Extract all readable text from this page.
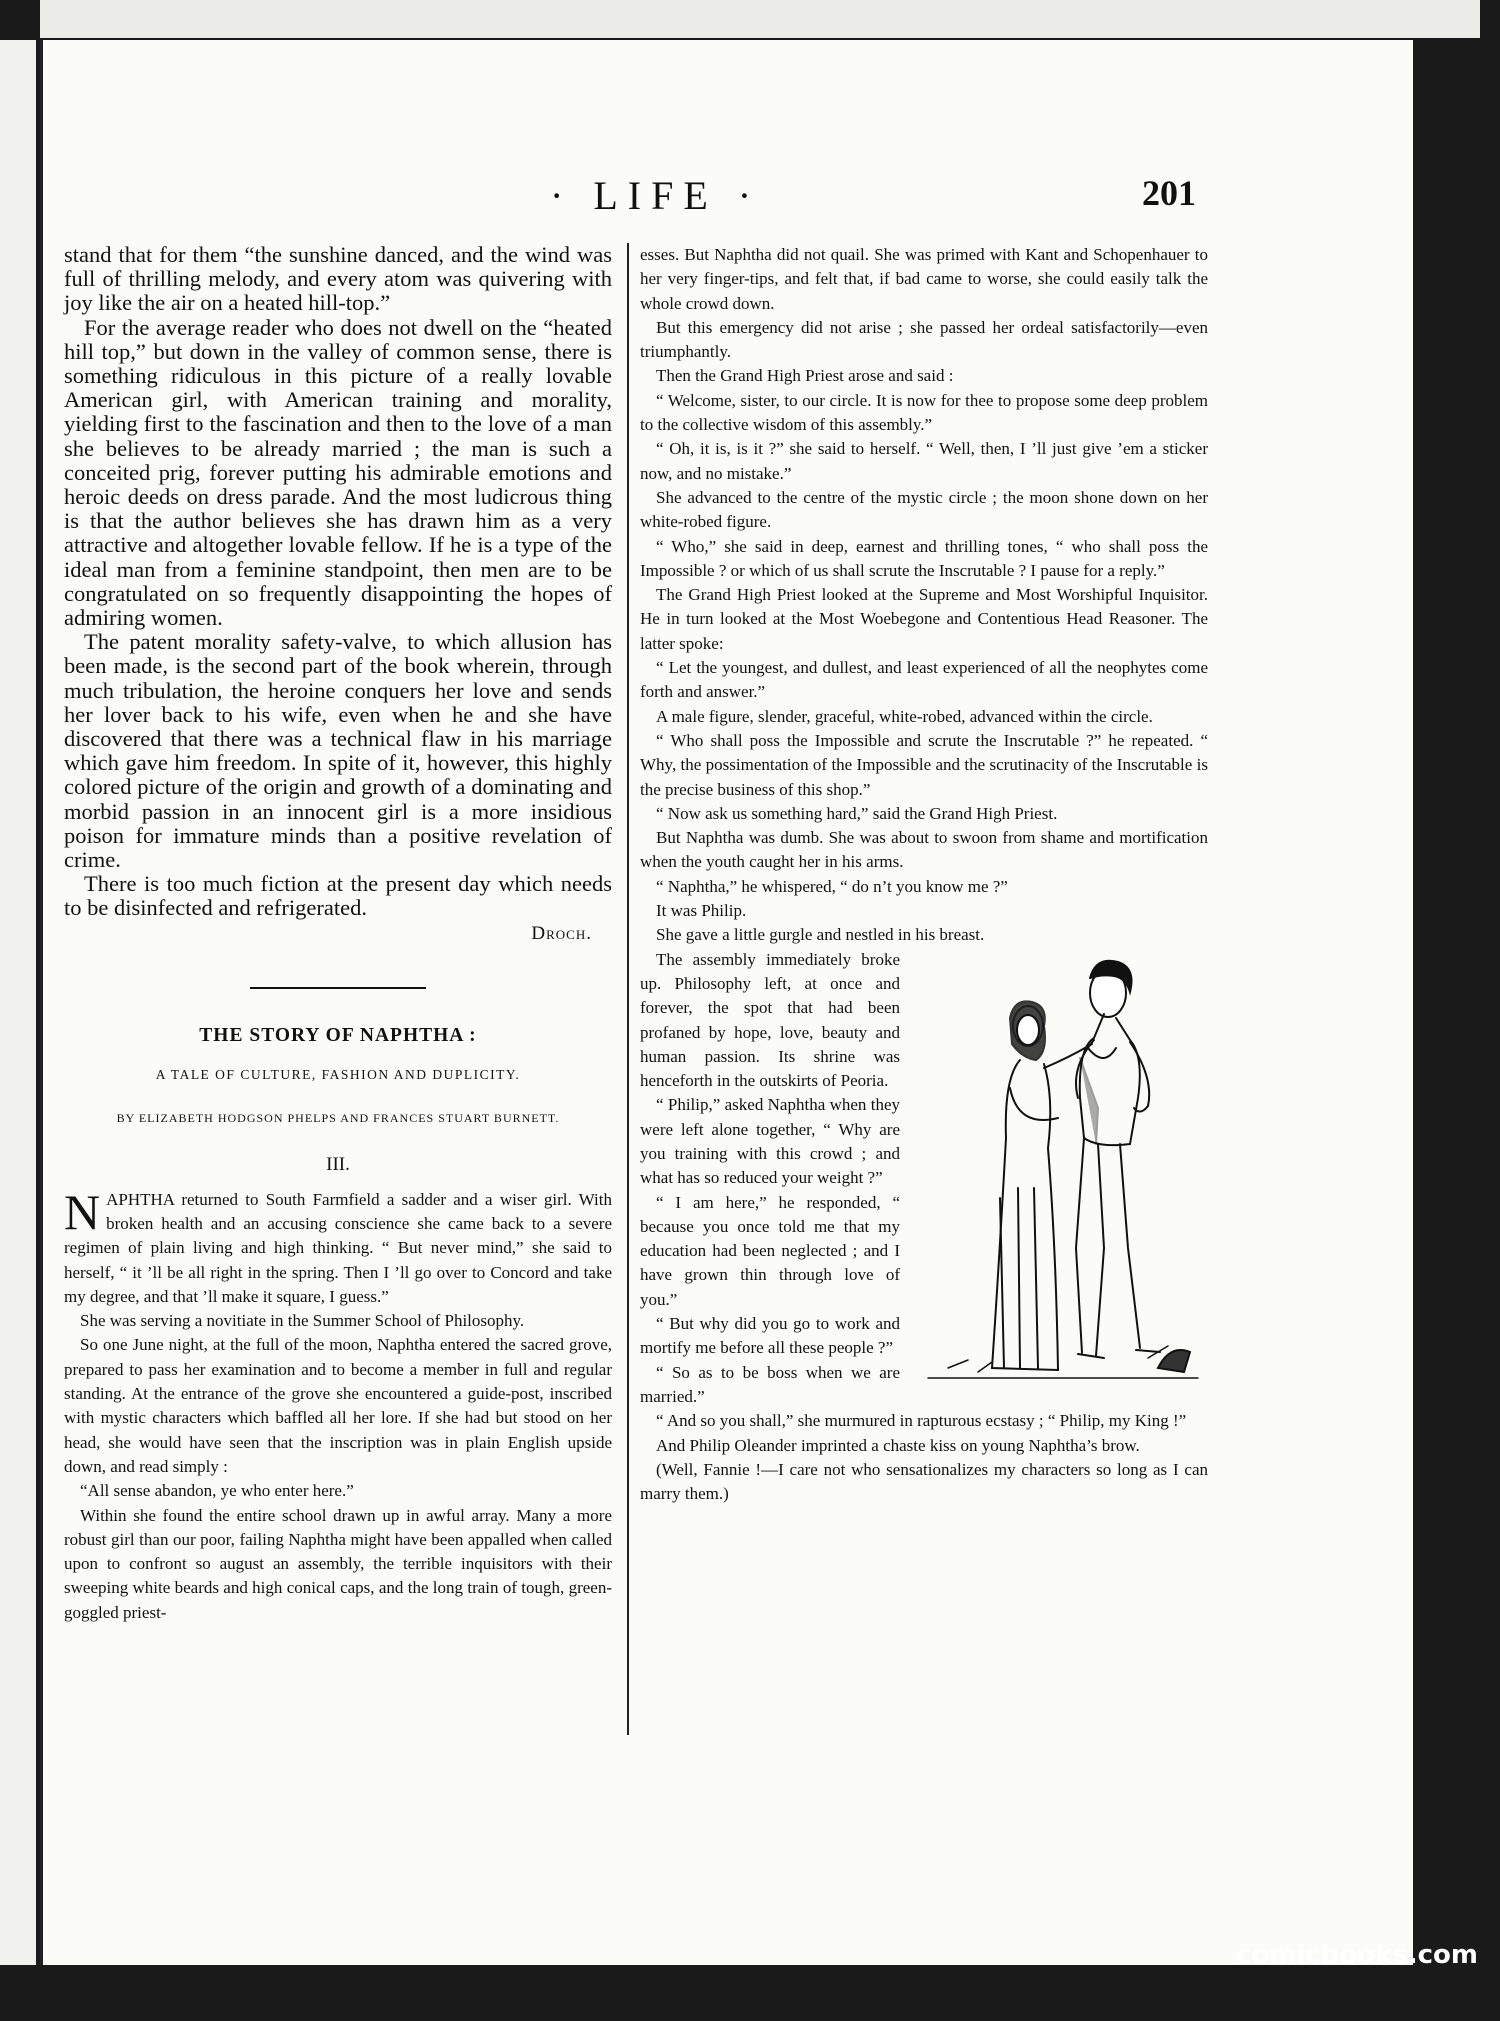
· LIFE ·	201

stand that for them “the sunshine danced, and the wind was full of thrilling melody, and every atom was quivering with joy like the air on a heated hill-top.”

For the average reader who does not dwell on the “heated hill top,” but down in the valley of common sense, there is something ridiculous in this picture of a really lovable American girl, with American training and morality, yielding first to the fascination and then to the love of a man she believes to be already married ; the man is such a conceited prig, forever putting his admirable emotions and heroic deeds on dress parade. And the most ludicrous thing is that the author believes she has drawn him as a very attractive and altogether lovable fellow. If he is a type of the ideal man from a feminine standpoint, then men are to be congratulated on so frequently disappointing the hopes of admiring women.

The patent morality safety-valve, to which allusion has been made, is the second part of the book wherein, through much tribulation, the heroine conquers her love and sends her lover back to his wife, even when he and she have discovered that there was a technical flaw in his marriage which gave him freedom. In spite of it, however, this highly colored picture of the origin and growth of a dominating and morbid passion in an innocent girl is a more insidious poison for immature minds than a positive revelation of crime.

There is too much fiction at the present day which needs to be disinfected and refrigerated.

Droch.
THE STORY OF NAPHTHA :
A TALE OF CULTURE, FASHION AND DUPLICITY.
BY ELIZABETH HODGSON PHELPS AND FRANCES STUART BURNETT.
III.

NAPHTHA returned to South Farmfield a sadder and a wiser girl. With broken health and an accusing conscience she came back to a severe regimen of plain living and high thinking. “ But never mind,” she said to herself, “ it ’ll be all right in the spring. Then I ’ll go over to Concord and take my degree, and that ’ll make it square, I guess.”

She was serving a novitiate in the Summer School of Philosophy.

So one June night, at the full of the moon, Naphtha entered the sacred grove, prepared to pass her examination and to become a member in full and regular standing. At the entrance of the grove she encountered a guide-post, inscribed with mystic characters which baffled all her lore. If she had but stood on her head, she would have seen that the inscription was in plain English upside down, and read simply :

“All sense abandon, ye who enter here.”

Within she found the entire school drawn up in awful array. Many a more robust girl than our poor, failing Naphtha might have been appalled when called upon to confront so august an assembly, the terrible inquisitors with their sweeping white beards and high conical caps, and the long train of tough, green-goggled priest-

esses. But Naphtha did not quail. She was primed with Kant and Schopenhauer to her very finger-tips, and felt that, if bad came to worse, she could easily talk the whole crowd down.

But this emergency did not arise ; she passed her ordeal satisfactorily—even triumphantly.

Then the Grand High Priest arose and said :

“ Welcome, sister, to our circle. It is now for thee to propose some deep problem to the collective wisdom of this assembly.”

“ Oh, it is, is it ?” she said to herself. “ Well, then, I ’ll just give ’em a sticker now, and no mistake.”

She advanced to the centre of the mystic circle ; the moon shone down on her white-robed figure.

“ Who,” she said in deep, earnest and thrilling tones, “ who shall poss the Impossible ? or which of us shall scrute the Inscrutable ? I pause for a reply.”

The Grand High Priest looked at the Supreme and Most Worshipful Inquisitor. He in turn looked at the Most Woebegone and Contentious Head Reasoner. The latter spoke:

“ Let the youngest, and dullest, and least experienced of all the neophytes come forth and answer.”

A male figure, slender, graceful, white-robed, advanced within the circle.

“ Who shall poss the Impossible and scrute the Inscrutable ?” he repeated. “ Why, the possimentation of the Impossible and the scrutinacity of the Inscrutable is the precise business of this shop.”

“ Now ask us something hard,” said the Grand High Priest.

But Naphtha was dumb. She was about to swoon from shame and mortification when the youth caught her in his arms.

“ Naphtha,” he whispered, “ do n’t you know me ?”

It was Philip.

She gave a little gurgle and nestled in his breast.

The assembly immediately broke up. Philosophy left, at once and forever, the spot that had been profaned by hope, love, beauty and human passion. Its shrine was henceforth in the outskirts of Peoria.

“ Philip,” asked Naphtha when they were left alone together, “ Why are you training with this crowd ; and what has so reduced your weight ?”

“ I am here,” he responded, “ because you once told me that my education had been neglected ; and I have grown thin through love of you.”

“ But why did you go to work and mortify me before all these people ?”

“ So as to be boss when we are married.”

“ And so you shall,” she murmured in rapturous ecstasy ; “ Philip, my King !”

And Philip Oleander imprinted a chaste kiss on young Naphtha’s brow.

(Well, Fannie !—I care not who sensationalizes my characters so long as I can marry them.)

comicbooks.com
